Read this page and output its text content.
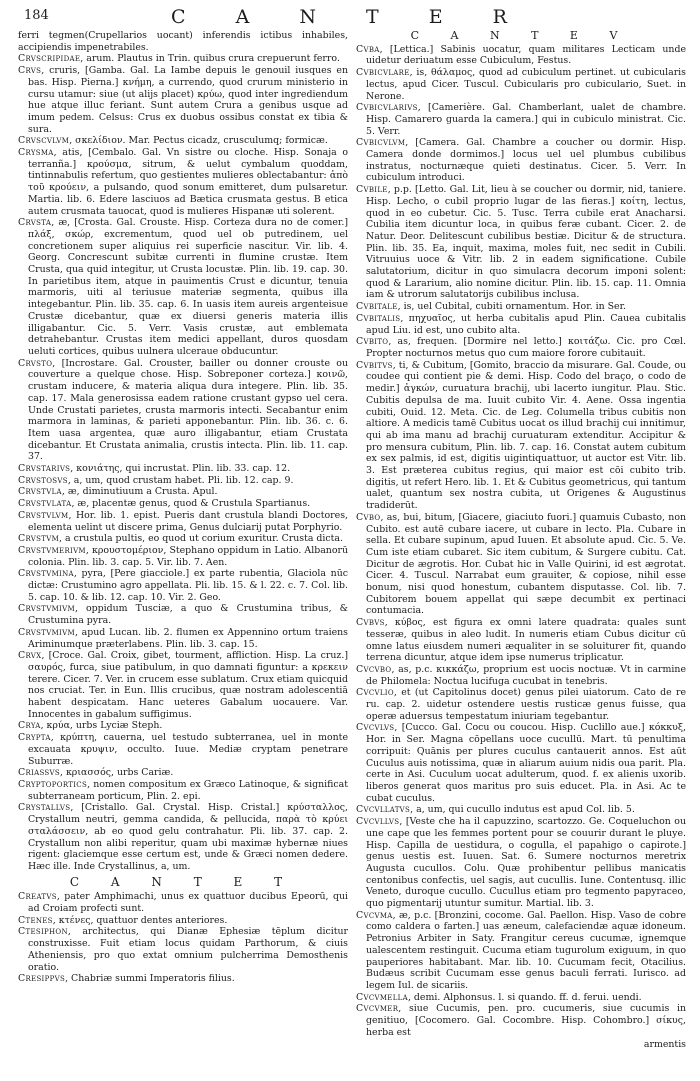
184	C A N T E R

ferri tegmen(Crupellarios uocant) inferendis ictibus inhabiles, accipiendis impenetrabiles.

Crvscripidae, arum. Plautus in Trin. quibus crura crepuerunt ferro.

Crvs, cruris, [Gamba. Gal. La Iambe depuis le genouil iusques en bas. Hisp. Pierna.] κνήμη, a currendo, quod crurum ministerio in cursu utamur: siue (ut alijs placet) κρύω, quod inter ingrediendum hue atque illuc feriant. Sunt autem Crura a genibus usque ad imum pedem. Celsus: Crus ex duobus ossibus constat ex tibia & sura.

Crvscvlvm, σκελίδιον. Mar. Pectus cicadz, crusculumq; formicæ.

Crysma, atis, [Cembalo. Gal. Vn sistre ou cloche. Hisp. Sonaja o terranña.] κρούσμα, sitrum, & uelut cymbalum quoddam, tintinnabulis refertum, quo gestientes mulieres oblectabantur: ἀπὸ τοῦ κρούειν, a pulsando, quod sonum emitteret, dum pulsaretur. Martia. lib. 6. Edere lasciuos ad Bætica crusmata gestus. B etica autem crusmata tauocat, quod is mulieres Hispanæ uti solerent.

Crvsta, æ, [Crosta. Gal. Crouste. Hisp. Corteza dura no de comer.] πλάξ, σκώρ, excrementum, quod uel ob putredinem, uel concretionem super aliquius rei superficie nascitur. Vir. lib. 4. Georg. Concrescunt subitæ currenti in flumine crustæ. Item Crusta, qua quid integitur, ut Crusta locustæ. Plin. lib. 19. cap. 30. In parietibus item, atque in pauimentis Crust e dicuntur, tenuia marmoris, uiti al teriusue materiæ segmenta, quibus illa integebantur. Plin. lib. 35. cap. 6. In uasis item aureis argenteisue Crustæ dicebantur, quæ ex diuersi generis materia illis illigabantur. Cic. 5. Verr. Vasis crustæ, aut emblemata detrahebantur. Crustas item medici appellant, duros quosdam ueluti cortices, quibus uulnera ulceraue obducuntur.

Crvsto, [Incrostare. Gal. Crouster, bailler ou donner crouste ou couverture a quelque chose. Hisp. Sobreponer corteza.] κοινῶ, crustam inducere, & materia aliqua dura integere. Plin. lib. 35. cap. 17. Mala generosissa eadem ratione crustant gypso uel cera. Unde Crustati parietes, crusta marmoris intecti. Secabantur enim marmora in laminas, & parieti apponebantur. Plin. lib. 36. c. 6. Item uasa argentea, quæ auro illigabantur, etiam Crustata dicebantur. Et Crustata animalia, crustis intecta. Plin. lib. 11. cap. 37.

Crvstarivs, κονιάτης, qui incrustat. Plin. lib. 33. cap. 12.

Crvstosvs, a, um, quod crustam habet. Pli. lib. 12. cap. 9.

Crvstvla, æ, diminutiuum a Crusta. Apul.

Crvstvlata, æ, placentæ genus, quod & Crustula Spartianus.

Crvstvlvm, Hor. lib. 1. epist. Pueris dant crustula blandi Doctores, elementa uelint ut discere prima, Genus dulciarij putat Porphyrio.

Crvstvm, a crustula pultis, eo quod ut corium exuritur. Crusta dicta.

Crvstvmerivm, κρουστομέριον, Stephano oppidum in Latio. Albanorū colonia. Plin. lib. 3. cap. 5. Vir. lib. 7. Aen.

Crvstvmina, pyra, [Pere giacciole.] ex parte rubentia, Glaciola nūc dictæ: Crustumino agro appellata. Pli. lib. 15. & l. 22. c. 7. Col. lib. 5. cap. 10. & lib. 12. cap. 10. Vir. 2. Geo.

Crvstvmivm, oppidum Tusciæ, a quo & Crustumina tribus, & Crustumina pyra.

Crvstvmivm, apud Lucan. lib. 2. flumen ex Appennino ortum traiens Ariminumque præterlabens. Plin. lib. 3. cap. 15.

Crvx, [Croce. Gal. Croix, gibet, tourment, affliction. Hisp. La cruz.] σαυρός, furca, siue patibulum, in quo damnati figuntur: a κρεκειν terere. Cicer. 7. Ver. in crucem esse sublatum. Crux etiam quicquid nos cruciat. Ter. in Eun. Illis crucibus, quæ nostram adolescentiā habent despicatam. Hanc ueteres Gabalum uocauere. Var. Innocentes in gabalum suffigimus.

Crya, κρύα, urbs Lyciæ Steph.

Crypta, κρύπτη, cauerna, uel testudo subterranea, uel in monte excauata κρυψιν, occulto. Iuue. Mediæ cryptam penetrare Suburræ.

Criassvs, κριασσός, urbs Cariæ.

Cryptoportics, nomen compositum ex Græco Latinoque, & significat subterraneam porticum, Plin. 2. epi.

Crystallvs, [Cristallo. Gal. Crystal. Hisp. Cristal.] κρύσταλλος, Crystallum neutri, gemma candida, & pellucida, παρὰ τὸ κρύει σταλάσσειν, ab eo quod gelu contrahatur. Pli. lib. 37. cap. 2. Crystallum non alibi reperitur, quam ubi maximæ hybernæ niues rigent: glaciemque esse certum est, unde & Græci nomen dedere. Hæc ille. Inde Crystallinus, a, um.

C A N T E T

Creatvs, pater Amphimachi, unus ex quattuor ducibus Epeorū, qui ad Croiam profecti sunt.

Ctenes, κτένες, quattuor dentes anteriores.

Ctesiphon, architectus, qui Dianæ Ephesiæ tēplum dicitur construxisse. Fuit etiam locus quidam Parthorum, & ciuis Atheniensis, pro quo extat omnium pulcherrima Demosthenis oratio.

Cresippvs, Chabriæ summi Imperatoris filius.

C A N T E V

Cvba, [Lettica.] Sabinis uocatur, quam militares Lecticam unde uidetur deriuatum esse Cubiculum, Festus.

Cvbicvlare, is, θάλαμος, quod ad cubiculum pertinet. ut cubicularis lectus, apud Cicer. Tuscul. Cubicularis pro cubiculario, Suet. in Nerone.

Cvbicvlarivs, [Camerière. Gal. Chamberlant, ualet de chambre. Hisp. Camarero guarda la camera.] qui in cubiculo ministrat. Cic. 5. Verr.

Cvbicvlvm, [Camera. Gal. Chambre a coucher ou dormir. Hisp. Camera donde dormimos.] locus uel uel plumbus cubilibus instratus, nocturnæque quieti destinatus. Cicer. 5. Verr. In cubiculum introduci.

Cvbile, p.p. [Letto. Gal. Lit, lieu à se coucher ou dormir, nid, taniere. Hisp. Lecho, o cubil proprio lugar de las fieras.] κοίτη, lectus, quod in eo cubetur. Cic. 5. Tusc. Terra cubile erat Anacharsi. Cubilia item dicuntur loca, in quibus feræ cubant. Cicer. 2. de Natur. Deor. Delitescunt cubilibus bestiæ. Dicitur & de structura. Plin. lib. 35. Ea, inquit, maxima, moles fuit, nec sedit in Cubili. Vitruuius uoce & Vitr. lib. 2 in eadem significatione. Cubile salutatorium, dicitur in quo simulacra decorum imponi solent: quod & Lararium, alio nomine dicitur. Plin. lib. 15. cap. 11. Omnia iam & utrorum salutatorijs cubilibus inclusa.

Cvbitale, is, uel Cubital, cubiti ornamentum. Hor. in Ser.

Cvbitalis, πηχυαῖος, ut herba cubitalis apud Plin. Cauea cubitalis apud Liu. id est, uno cubito alta.

Cvbito, as, frequen. [Dormire nel letto.] κοιτάζω. Cic. pro Cœl. Propter nocturnos metus quo cum maiore forore cubitauit.

Cvbitvs, ti, & Cubitum, [Gomito, braccio da misurare. Gal. Coude, ou coudee qui contient pie & demi. Hisp. Codo del braço, o codo de medir.] ἀγκών, curuatura brachij, ubi lacerto iungitur. Plau. Stic. Cubitis depulsa de ma. Iuuit cubito Vir. 4. Aene. Ossa ingentia cubiti, Ouid. 12. Meta. Cic. de Leg. Columella tribus cubitis non altiore. A medicis tamē Cubitus uocat os illud brachij cui innitimur, qui ab ima manu ad brachij curuaturam extenditur. Accipitur & pro mensura cubitum, Plin. lib. 7. cap. 16. Constat autem cubitum ex sex palmis, id est, digitis uigintiquattuor, ut auctor est Vitr. lib. 3. Est præterea cubitus regius, qui maior est cōi cubito trib. digitis, ut refert Hero. lib. 1. Et & Cubitus geometricus, qui tantum ualet, quantum sex nostra cubita, ut Origenes & Augustinus tradiderūt.

Cvbo, as, bui, bitum, [Giacere, giaciuto fuori.] quamuis Cubasto, non Cubito. est autē cubare iacere, ut cubare in lecto. Pla. Cubare in sella. Et cubare supinum, apud Iuuen. Et absolute apud. Cic. 5. Ve. Cum iste etiam cubaret. Sic item cubitum, & Surgere cubitu. Cat. Dicitur de ægrotis. Hor. Cubat hic in Valle Quirini, id est ægrotat. Cicer. 4. Tuscul. Narrabat eum grauiter, & copiose, nihil esse bonum, nisi quod honestum, cubantem disputasse. Col. lib. 7. Cubitorem bouem appellat qui sæpe decumbit ex pertinaci contumacia.

Cvbvs, κύβος, est figura ex omni latere quadrata: quales sunt tesseræ, quibus in aleo ludit. In numeris etiam Cubus dicitur cū omne latus eiusdem numeri æqualiter in se soluiturer fit, quando terrena dicuntur, atque idem ipse numerus triplicatur.

Cvcvbo, as, p.c. κικκάζω, proprium est uocis noctuæ. Vt in carmine de Philomela: Noctua lucifuga cucubat in tenebris.

Cvcvlio, et (ut Capitolinus docet) genus pilei uiatorum. Cato de re ru. cap. 2. uidetur ostendere uestis rusticæ genus fuisse, qua operæ aduersus tempestatum iniuriam tegebantur.

Cvcvlvs, [Cucco. Gal. Cocu ou coucou. Hisp. Cuclillo aue.] κόκκυξ, Hor. in Ser. Magna cōpellans uoce cucullū. Mart. tū penultima corripuit: Quānis per plures cuculus cantauerit annos. Est aūt Cuculus auis notissima, quæ in aliarum auium nidis oua parit. Pla. certe in Asi. Cuculum uocat adulterum, quod. f. ex alienis uxorib. liberos generat quos maritus pro suis educet. Pla. in Asi. Ac te cubat cuculus.

Cvcvllatvs, a, um, qui cucullo indutus est apud Col. lib. 5.

Cvcvllvs, [Veste che ha il capuzzino, scartozzo. Ge. Coqueluchon ou une cape que les femmes portent pour se couurir durant le pluye. Hisp. Capilla de uestidura, o cogulla, el papahigo o capirote.] genus uestis est. Iuuen. Sat. 6. Sumere nocturnos meretrix Augusta cucullos. Colu. Quæ prohibentur pellibus manicatis centonibus confectis, uel sagis, aut cucullis. Iune. Contentusq. illic Veneto, duroque cucullo. Cucullus etiam pro tegmento papyraceo, quo pigmentarij utuntur sumitur. Martial. lib. 3.

Cvcvma, æ, p.c. [Bronzini, cocome. Gal. Paellon. Hisp. Vaso de cobre como caldera o farten.] uas æneum, calefaciendæ aquæ idoneum. Petronius Arbiter in Saty. Frangitur cereus cucumæ, ignemque ualescentem restinguit. Cucuma etiam tugurolum exiguum, in quo pauperiores habitabant. Mar. lib. 10. Cucumam fecit, Otacilius. Budæus scribit Cucumam esse genus baculi ferrati. Iurisco. ad legem Iul. de sicariis.

Cvcvmella, demi. Alphonsus. l. si quando. ff. d. ferui. uendi.

Cvcvmer, siue Cucumis, pen. pro. cucumeris, siue cucumis in genitiuo, [Cocomero. Gal. Cocombre. Hisp. Cohombro.] σίκυς, herba est

armentis
